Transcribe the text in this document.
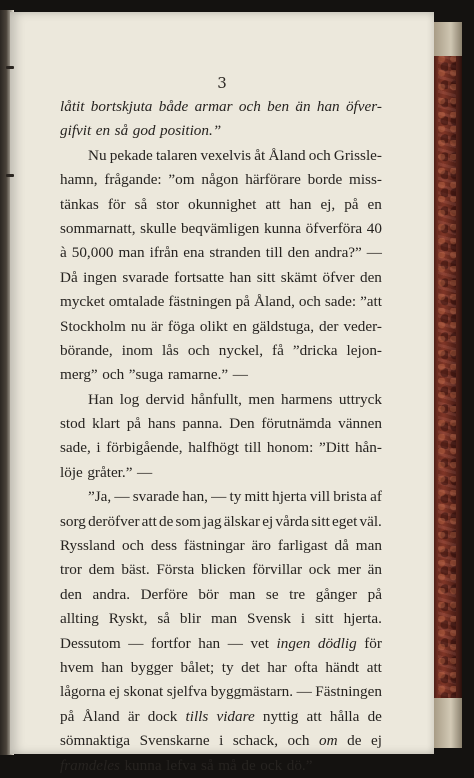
3
låtit bortskjuta både armar och ben än han öfver-
gifvit en så god position.”
Nu pekade talaren vexelvis åt Åland och Grissle-
hamn, frågande: ”om någon härförare borde miss-
tänkas för så stor okunnighet att han ej, på en
sommarnatt, skulle beqvämligen kunna öfverföra 40
à 50,000 man ifrån ena stranden till den andra?” —
Då ingen svarade fortsatte han sitt skämt öfver den
mycket omtalade fästningen på Åland, och sade: ”att
Stockholm nu är föga olikt en gäldstuga, der veder-
börande, inom lås och nyckel, få ”dricka lejon-
merg” och ”suga ramarne.” —
Han log dervid hånfullt, men harmens uttryck
stod klart på hans panna. Den förutnämda vännen
sade, i förbigående, halfhögt till honom: ”Ditt hån-
löje gråter.” —
”Ja, — svarade han, — ty mitt hjerta vill brista af
sorg deröfver att de som jag älskar ej vårda sitt eget väl.
Ryssland och dess fästningar äro farligast då man
tror dem bäst. Första blicken förvillar ock mer än
den andra. Derföre bör man se tre gånger på
allting Ryskt, så blir man Svensk i sitt hjerta.
Dessutom — fortfor han — vet ingen dödlig för
hvem han bygger bålet; ty det har ofta händt att
lågorna ej skonat sjelfva byggmästarn. — Fästningen
på Åland är dock tills vidare nyttig att hålla de
sömnaktiga Svenskarne i schack, och om de ej
framdeles kunna lefva så må de ock dö.”
